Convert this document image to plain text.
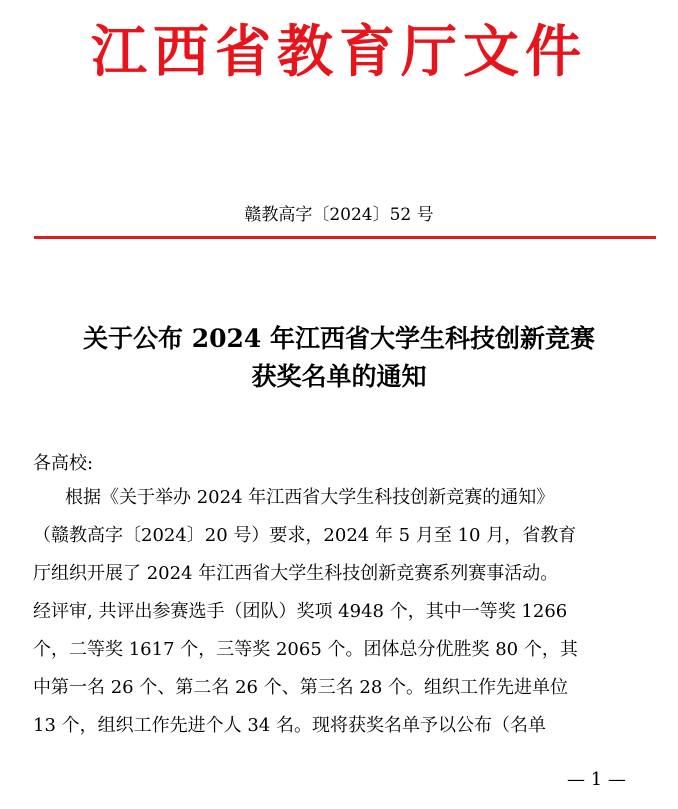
江西省教育厅文件
赣教高字〔2024〕52 号
关于公布 2024 年江西省大学生科技创新竞赛
获奖名单的通知
各高校:
根据《关于举办 2024 年江西省大学生科技创新竞赛的通知》
（赣教高字〔2024〕20 号）要求，2024 年 5 月至 10 月，省教育
厅组织开展了 2024 年江西省大学生科技创新竞赛系列赛事活动。
经评审, 共评出参赛选手（团队）奖项 4948 个，其中一等奖 1266
个，二等奖 1617 个，三等奖 2065 个。团体总分优胜奖 80 个，其
中第一名 26 个、第二名 26 个、第三名 28 个。组织工作先进单位
13 个，组织工作先进个人 34 名。现将获奖名单予以公布（名单
— 1 —
